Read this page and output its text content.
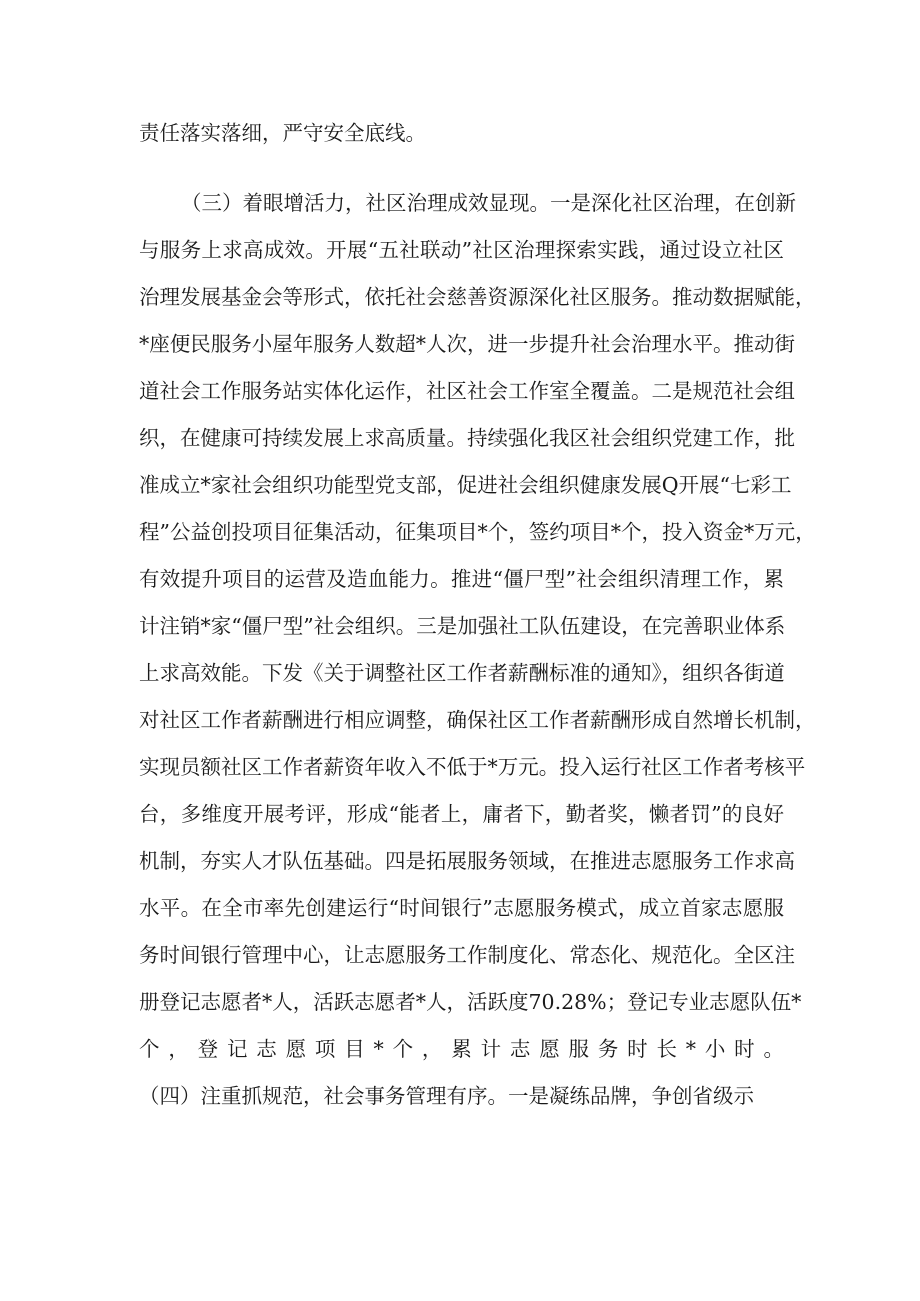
责任落实落细，严守安全底线。
（三）着眼增活力，社区治理成效显现。一是深化社区治理，在创新
与服务上求高成效。开展“五社联动”社区治理探索实践，通过设立社区
治理发展基金会等形式，依托社会慈善资源深化社区服务。推动数据赋能，
*座便民服务小屋年服务人数超*人次，进一步提升社会治理水平。推动街
道社会工作服务站实体化运作，社区社会工作室全覆盖。二是规范社会组
织，在健康可持续发展上求高质量。持续强化我区社会组织党建工作，批
准成立*家社会组织功能型党支部，促进社会组织健康发展Q开展“七彩工
程”公益创投项目征集活动，征集项目*个，签约项目*个，投入资金*万元，
有效提升项目的运营及造血能力。推进“僵尸型”社会组织清理工作，累
计注销*家“僵尸型”社会组织。三是加强社工队伍建设，在完善职业体系
上求高效能。下发《关于调整社区工作者薪酬标准的通知》，组织各街道
对社区工作者薪酬进行相应调整，确保社区工作者薪酬形成自然增长机制，
实现员额社区工作者薪资年收入不低于*万元。投入运行社区工作者考核平
台，多维度开展考评，形成“能者上，庸者下，勤者奖，懒者罚”的良好
机制，夯实人才队伍基础。四是拓展服务领域，在推进志愿服务工作求高
水平。在全市率先创建运行“时间银行”志愿服务模式，成立首家志愿服
务时间银行管理中心，让志愿服务工作制度化、常态化、规范化。全区注
册登记志愿者*人，活跃志愿者*人，活跃度70.28%；登记专业志愿队伍*
个，登记志愿项目*个，累计志愿服务时长*小时。
（四）注重抓规范，社会事务管理有序。一是凝练品牌，争创省级示
